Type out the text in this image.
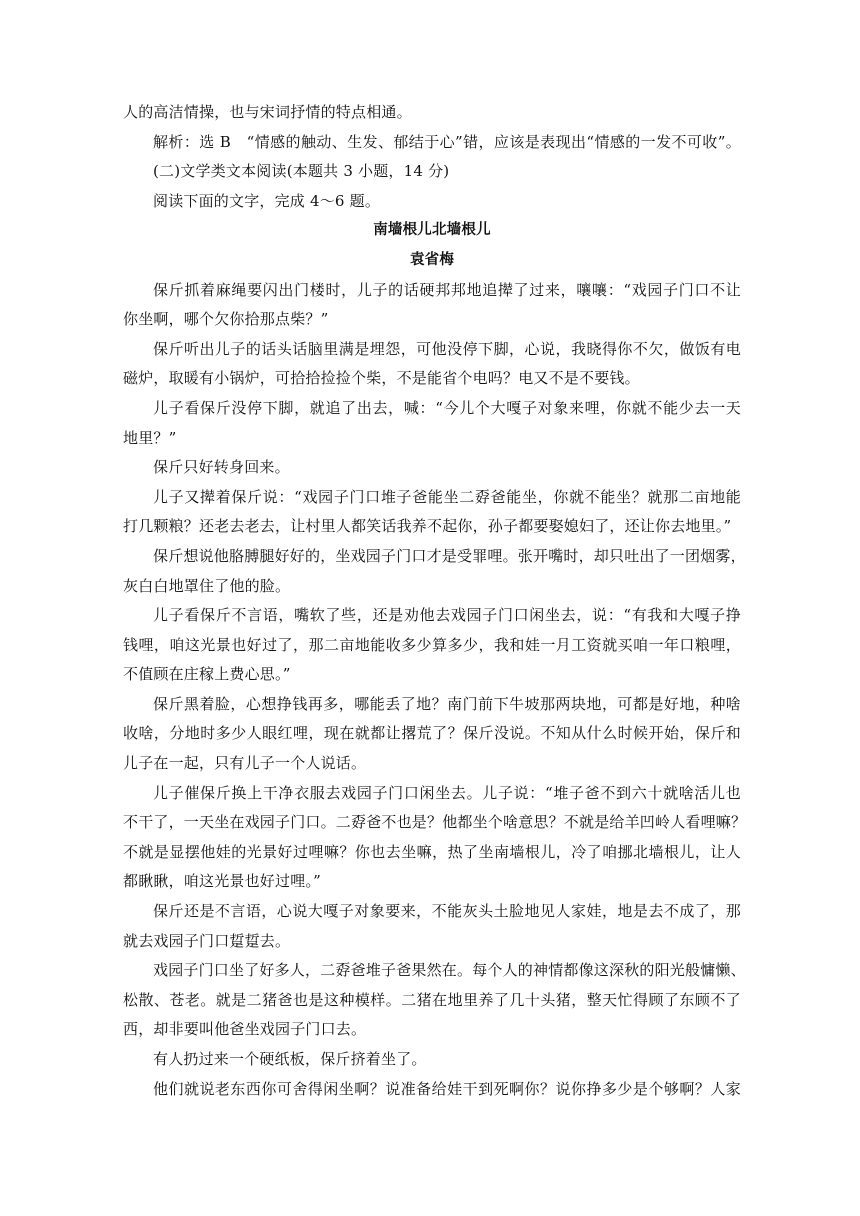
人的高洁情操，也与宋词抒情的特点相通。
解析：选 B　“情感的触动、生发、郁结于心”错，应该是表现出“情感的一发不可收”。
(二)文学类文本阅读(本题共 3 小题，14 分)
阅读下面的文字，完成 4～6 题。
南墙根儿北墙根儿
袁省梅
保斤抓着麻绳要闪出门楼时，儿子的话硬邦邦地追撵了过来，嚷嚷：“戏园子门口不让
你坐啊，哪个欠你拾那点柴？”
保斤听出儿子的话头话脑里满是埋怨，可他没停下脚，心说，我晓得你不欠，做饭有电
磁炉，取暖有小锅炉，可拾拾捡捡个柴，不是能省个电吗？电又不是不要钱。
儿子看保斤没停下脚，就追了出去，喊：“今儿个大嘎子对象来哩，你就不能少去一天
地里？”
保斤只好转身回来。
儿子又撵着保斤说：“戏园子门口堆子爸能坐二孬爸能坐，你就不能坐？就那二亩地能
打几颗粮？还老去老去，让村里人都笑话我养不起你，孙子都要娶媳妇了，还让你去地里。”
保斤想说他胳膊腿好好的，坐戏园子门口才是受罪哩。张开嘴时，却只吐出了一团烟雾，
灰白白地罩住了他的脸。
儿子看保斤不言语，嘴软了些，还是劝他去戏园子门口闲坐去，说：“有我和大嘎子挣
钱哩，咱这光景也好过了，那二亩地能收多少算多少，我和娃一月工资就买咱一年口粮哩，
不值顾在庄稼上费心思。”
保斤黑着脸，心想挣钱再多，哪能丢了地？南门前下牛坡那两块地，可都是好地，种啥
收啥，分地时多少人眼红哩，现在就都让撂荒了？保斤没说。不知从什么时候开始，保斤和
儿子在一起，只有儿子一个人说话。
儿子催保斤换上干净衣服去戏园子门口闲坐去。儿子说：“堆子爸不到六十就啥活儿也
不干了，一天坐在戏园子门口。二孬爸不也是？他都坐个啥意思？不就是给羊凹岭人看哩嘛？
不就是显摆他娃的光景好过哩嘛？你也去坐嘛，热了坐南墙根儿，冷了咱挪北墙根儿，让人
都瞅瞅，咱这光景也好过哩。”
保斤还是不言语，心说大嘎子对象要来，不能灰头土脸地见人家娃，地是去不成了，那
就去戏园子门口踅踅去。
戏园子门口坐了好多人，二孬爸堆子爸果然在。每个人的神情都像这深秋的阳光般慵懒、
松散、苍老。就是二猪爸也是这种模样。二猪在地里养了几十头猪，整天忙得顾了东顾不了
西，却非要叫他爸坐戏园子门口去。
有人扔过来一个硬纸板，保斤挤着坐了。
他们就说老东西你可舍得闲坐啊？说准备给娃干到死啊你？说你挣多少是个够啊？人家
